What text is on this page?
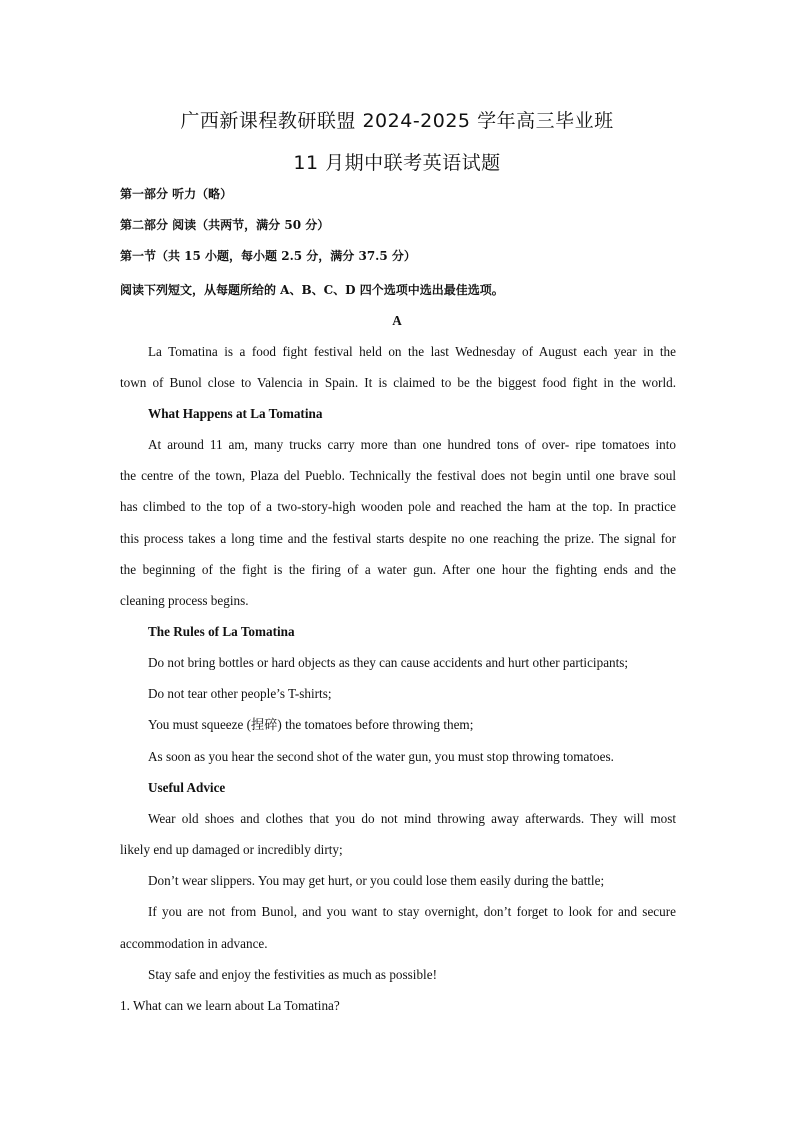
广西新课程教研联盟 2024-2025 学年高三毕业班
11 月期中联考英语试题
第一部分 听力（略）
第二部分 阅读（共两节，满分 50 分）
第一节（共 15 小题，每小题 2.5 分，满分 37.5 分）
阅读下列短文，从每题所给的 A、B、C、D 四个选项中选出最佳选项。
A
La Tomatina is a food fight festival held on the last Wednesday of August each year in the
town of Bunol close to Valencia in Spain. It is claimed to be the biggest food fight in the world.
What Happens at La Tomatina
At around 11 am, many trucks carry more than one hundred tons of over- ripe tomatoes into
the centre of the town, Plaza del Pueblo. Technically the festival does not begin until one brave soul
has climbed to the top of a two-story-high wooden pole and reached the ham at the top. In practice
this process takes a long time and the festival starts despite no one reaching the prize. The signal for
the beginning of the fight is the firing of a water gun. After one hour the fighting ends and the
cleaning process begins.
The Rules of La Tomatina
Do not bring bottles or hard objects as they can cause accidents and hurt other participants;
Do not tear other people’s T-shirts;
You must squeeze (捏碎) the tomatoes before throwing them;
As soon as you hear the second shot of the water gun, you must stop throwing tomatoes.
Useful Advice
Wear old shoes and clothes that you do not mind throwing away afterwards. They will most
likely end up damaged or incredibly dirty;
Don’t wear slippers. You may get hurt, or you could lose them easily during the battle;
If you are not from Bunol, and you want to stay overnight, don’t forget to look for and secure
accommodation in advance.
Stay safe and enjoy the festivities as much as possible!
1. What can we learn about La Tomatina?
